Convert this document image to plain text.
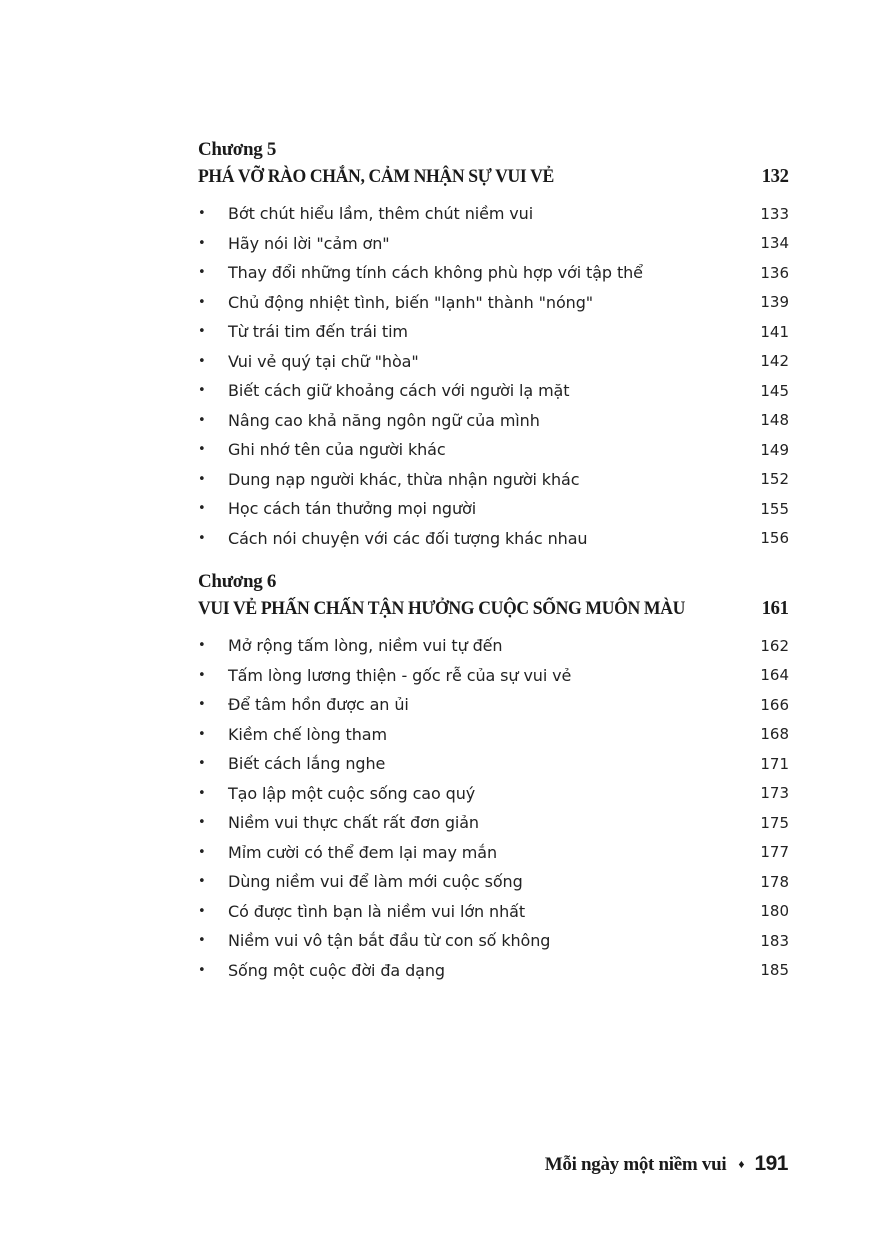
Chương 5
PHÁ VỠ RÀO CHẮN, CẢM NHẬN SỰ VUI VẺ	132
•	Bớt chút hiểu lầm, thêm chút niềm vui	133
•	Hãy nói lời "cảm ơn"	134
•	Thay đổi những tính cách không phù hợp với tập thể	136
•	Chủ động nhiệt tình, biến "lạnh" thành "nóng"	139
•	Từ trái tim đến trái tim	141
•	Vui vẻ quý tại chữ "hòa"	142
•	Biết cách giữ khoảng cách với người lạ mặt	145
•	Nâng cao khả năng ngôn ngữ của mình	148
•	Ghi nhớ tên của người khác	149
•	Dung nạp người khác, thừa nhận người khác	152
•	Học cách tán thưởng mọi người	155
•	Cách nói chuyện với các đối tượng khác nhau	156
Chương 6
VUI VẺ PHẤN CHẤN TẬN HƯỞNG CUỘC SỐNG MUÔN MÀU	161
•	Mở rộng tấm lòng, niềm vui tự đến	162
•	Tấm lòng lương thiện - gốc rễ của sự vui vẻ	164
•	Để tâm hồn được an ủi	166
•	Kiềm chế lòng tham	168
•	Biết cách lắng nghe	171
•	Tạo lập một cuộc sống cao quý	173
•	Niềm vui thực chất rất đơn giản	175
•	Mỉm cười có thể đem lại may mắn	177
•	Dùng niềm vui để làm mới cuộc sống	178
•	Có được tình bạn là niềm vui lớn nhất	180
•	Niềm vui vô tận bắt đầu từ con số không	183
•	Sống một cuộc đời đa dạng	185
Mỗi ngày một niềm vui ♦ 191
